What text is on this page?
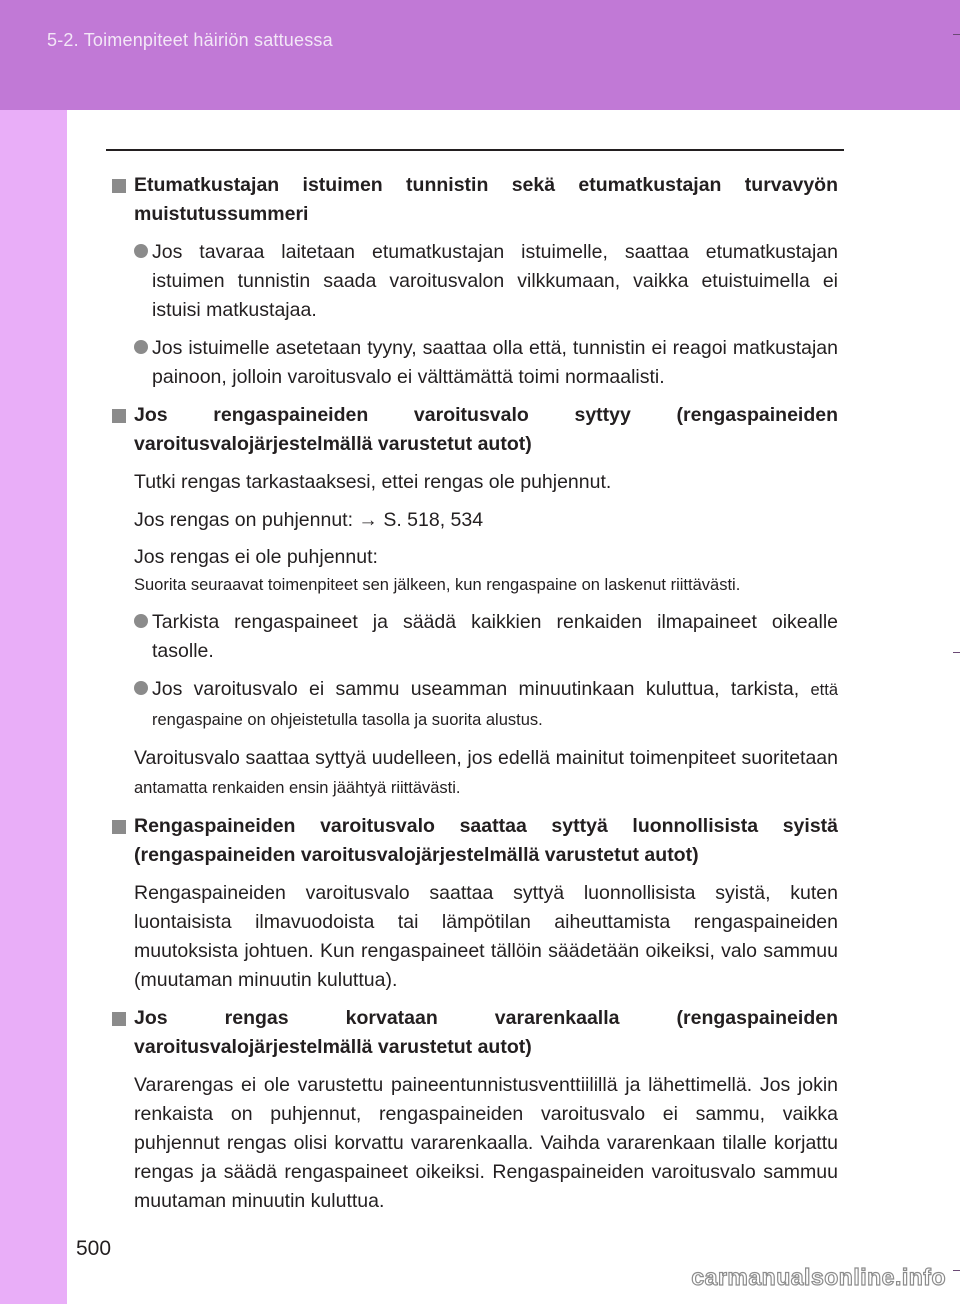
5-2. Toimenpiteet häiriön sattuessa
Etumatkustajan istuimen tunnistin sekä etumatkustajan turvavyön muistutussummeri
Jos tavaraa laitetaan etumatkustajan istuimelle, saattaa etumatkustajan istuimen tunnistin saada varoitusvalon vilkkumaan, vaikka etuistuimella ei istuisi matkustajaa.
Jos istuimelle asetetaan tyyny, saattaa olla että, tunnistin ei reagoi matkustajan painoon, jolloin varoitusvalo ei välttämättä toimi normaalisti.
Jos rengaspaineiden varoitusvalo syttyy (rengaspaineiden varoitusvalojärjestelmällä varustetut autot)
Tutki rengas tarkastaaksesi, ettei rengas ole puhjennut.
Jos rengas on puhjennut: → S. 518, 534
Jos rengas ei ole puhjennut:
Suorita seuraavat toimenpiteet sen jälkeen, kun rengaspaine on laskenut riittävästi.
Tarkista rengaspaineet ja säädä kaikkien renkaiden ilmapaineet oikealle tasolle.
Jos varoitusvalo ei sammu useamman minuutinkaan kuluttua, tarkista, että rengaspaine on ohjeistetulla tasolla ja suorita alustus.
Varoitusvalo saattaa syttyä uudelleen, jos edellä mainitut toimenpiteet suoritetaan antamatta renkaiden ensin jäähtyä riittävästi.
Rengaspaineiden varoitusvalo saattaa syttyä luonnollisista syistä (rengaspaineiden varoitusvalojärjestelmällä varustetut autot)
Rengaspaineiden varoitusvalo saattaa syttyä luonnollisista syistä, kuten luontaisista ilmavuodoista tai lämpötilan aiheuttamista rengaspaineiden muutoksista johtuen. Kun rengaspaineet tällöin säädetään oikeiksi, valo sammuu (muutaman minuutin kuluttua).
Jos rengas korvataan vararenkaalla (rengaspaineiden varoitusvalojärjestelmällä varustetut autot)
Vararengas ei ole varustettu paineentunnistusventtiilillä ja lähettimellä. Jos jokin renkaista on puhjennut, rengaspaineiden varoitusvalo ei sammu, vaikka puhjennut rengas olisi korvattu vararenkaalla. Vaihda vararenkaan tilalle korjattu rengas ja säädä rengaspaineet oikeiksi. Rengaspaineiden varoitusvalo sammuu muutaman minuutin kuluttua.
500
carmanualsonline.info
